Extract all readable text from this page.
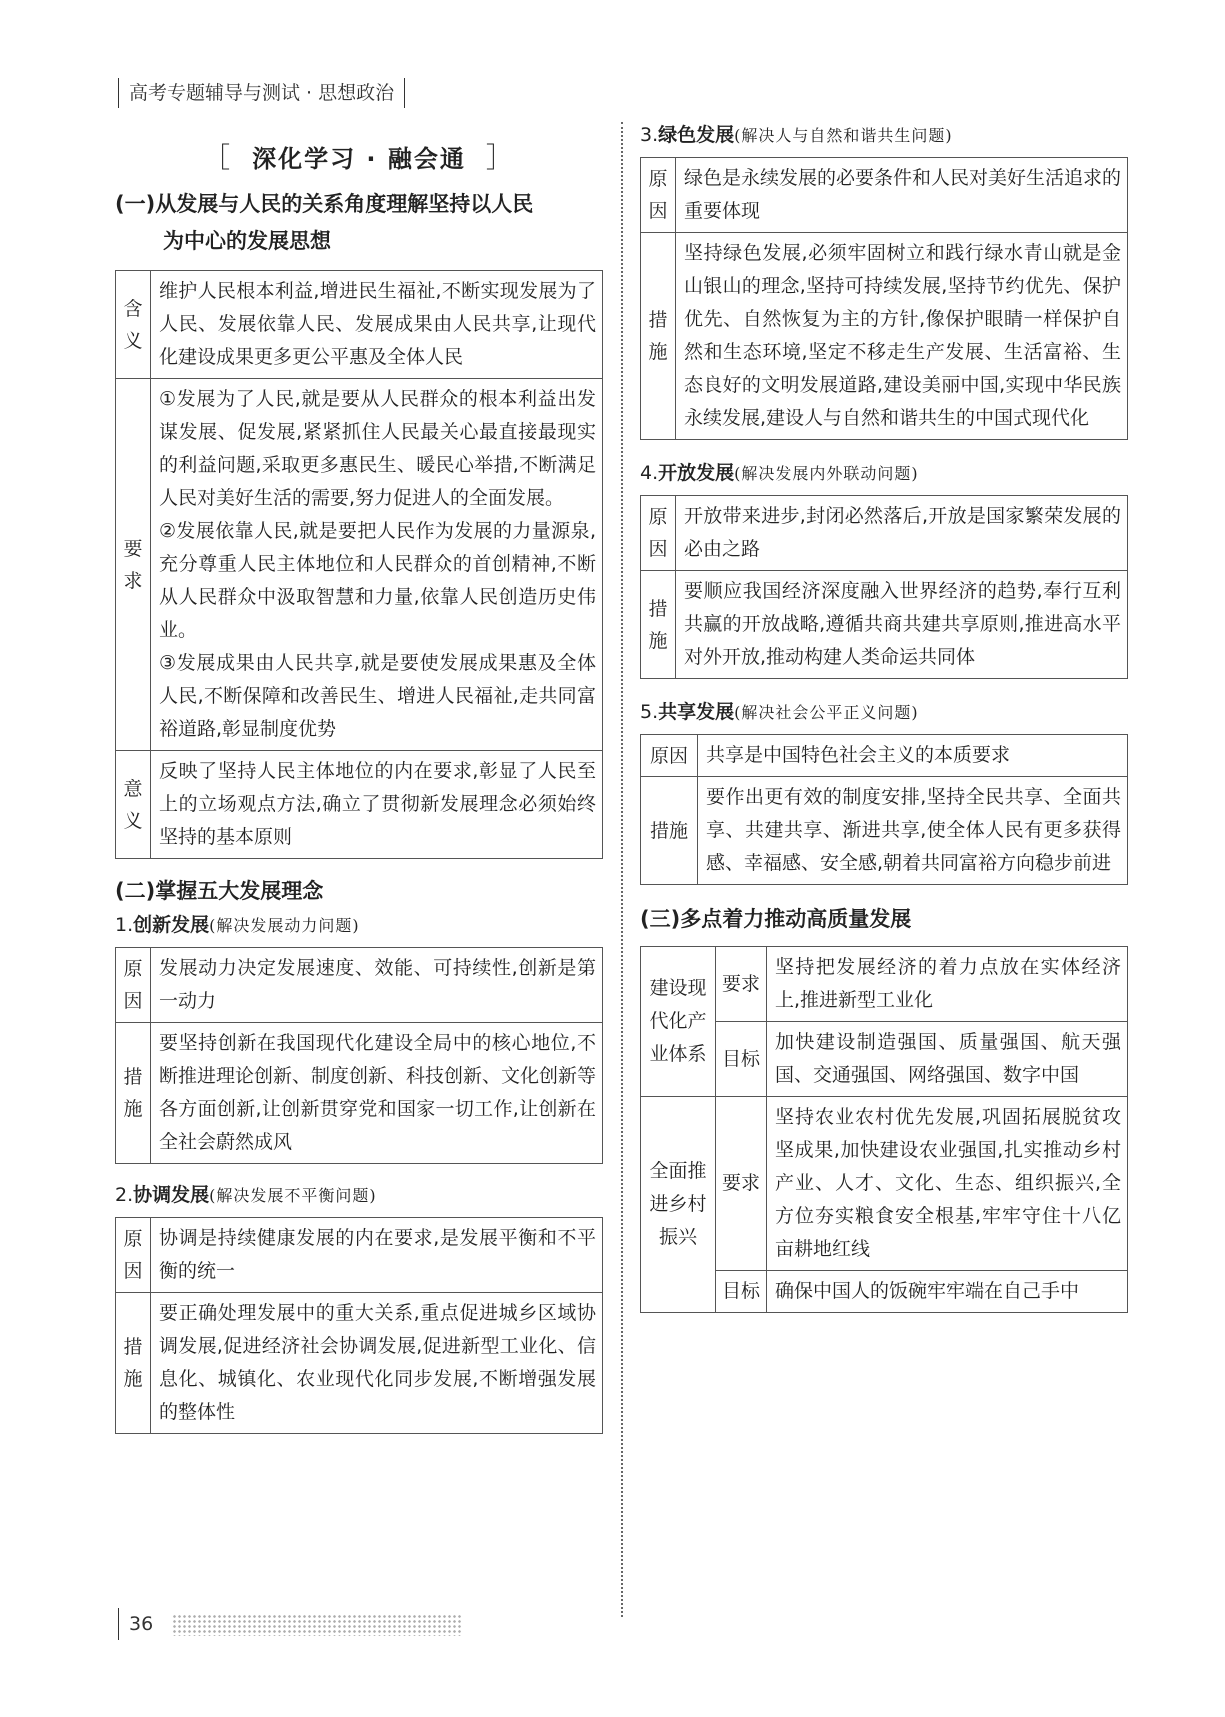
高考专题辅导与测试 · 思想政治
［ 深化学习 · 融会通 ］

(一)从发展与人民的关系角度理解坚持以人民

为中心的发展思想

含义	维护人民根本利益,增进民生福祉,不断实现发展为了人民、发展依靠人民、发展成果由人民共享,让现代化建设成果更多更公平惠及全体人民
要求	①发展为了人民,就是要从人民群众的根本利益出发谋发展、促发展,紧紧抓住人民最关心最直接最现实的利益问题,采取更多惠民生、暖民心举措,不断满足人民对美好生活的需要,努力促进人的全面发展。
②发展依靠人民,就是要把人民作为发展的力量源泉,充分尊重人民主体地位和人民群众的首创精神,不断从人民群众中汲取智慧和力量,依靠人民创造历史伟业。
③发展成果由人民共享,就是要使发展成果惠及全体人民,不断保障和改善民生、增进人民福祉,走共同富裕道路,彰显制度优势

意义	反映了坚持人民主体地位的内在要求,彰显了人民至上的立场观点方法,确立了贯彻新发展理念必须始终坚持的基本原则

(二)掌握五大发展理念

1.创新发展(解决发展动力问题)
原因	发展动力决定发展速度、效能、可持续性,创新是第一动力
措施	要坚持创新在我国现代化建设全局中的核心地位,不断推进理论创新、制度创新、科技创新、文化创新等各方面创新,让创新贯穿党和国家一切工作,让创新在全社会蔚然成风
2.协调发展(解决发展不平衡问题)
原因	协调是持续健康发展的内在要求,是发展平衡和不平衡的统一
措施	要正确处理发展中的重大关系,重点促进城乡区域协调发展,促进经济社会协调发展,促进新型工业化、信息化、城镇化、农业现代化同步发展,不断增强发展的整体性
3.绿色发展(解决人与自然和谐共生问题)
原因	绿色是永续发展的必要条件和人民对美好生活追求的重要体现
措施	坚持绿色发展,必须牢固树立和践行绿水青山就是金山银山的理念,坚持可持续发展,坚持节约优先、保护优先、自然恢复为主的方针,像保护眼睛一样保护自然和生态环境,坚定不移走生产发展、生活富裕、生态良好的文明发展道路,建设美丽中国,实现中华民族永续发展,建设人与自然和谐共生的中国式现代化
4.开放发展(解决发展内外联动问题)
原因	开放带来进步,封闭必然落后,开放是国家繁荣发展的必由之路
措施	要顺应我国经济深度融入世界经济的趋势,奉行互利共赢的开放战略,遵循共商共建共享原则,推进高水平对外开放,推动构建人类命运共同体
5.共享发展(解决社会公平正义问题)
原因	共享是中国特色社会主义的本质要求
措施	要作出更有效的制度安排,坚持全民共享、全面共享、共建共享、渐进共享,使全体人民有更多获得感、幸福感、安全感,朝着共同富裕方向稳步前进

(三)多点着力推动高质量发展

建设现代化产业体系	要求	坚持把发展经济的着力点放在实体经济上,推进新型工业化
	目标	加快建设制造强国、质量强国、航天强国、交通强国、网络强国、数字中国
全面推进乡村振兴	要求	坚持农业农村优先发展,巩固拓展脱贫攻坚成果,加快建设农业强国,扎实推动乡村产业、人才、文化、生态、组织振兴,全方位夯实粮食安全根基,牢牢守住十八亿亩耕地红线
	目标	确保中国人的饭碗牢牢端在自己手中
36
